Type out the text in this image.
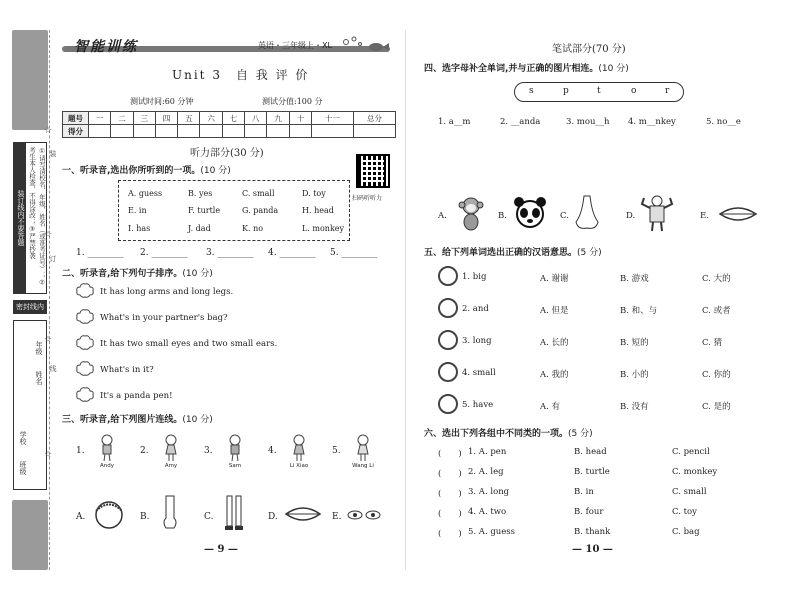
装订线内不要答题	①请写清校名、年级、姓名（或准考证号）；②考生本人检查，不得涂改；③严禁抄袭
密封线内
学校
班级
姓名
年级
☆
☆
☆
☆
装
订
线
智能训练	英语・三年级上・XL
Unit 3　自 我 评 价
测试时间:60 分钟	测试分值:100 分
题号	一	二	三	四	五	六	七	八	九	十	十一	总分
得分												
听力部分(30 分)
扫码听听力
一、听录音,选出你所听到的一项。(10 分)
A. guess	B. yes	C. small	D. toy
E. in	F. turtle	G. panda	H. head
I. has	J. dad	K. no	L. monkey
1. ________ 2. ________ 3. ________ 4. ________ 5. ________
二、听录音,给下列句子排序。(10 分)
It has long arms and long legs.
What's in your partner's bag?
It has two small eyes and two small ears.
What's in it?
It's a panda pen!
三、听录音,给下列图片连线。(10 分)
1.
Andy
2.
Amy
3.
Sam
4.
Li Xiao
5.
Wang Li
A.	B.	C.	D.	E.
— 9 —
笔试部分(70 分)
四、选字母补全单词,并与正确的图片相连。(10 分)
s	p	t	o	r
1. a__m	2. __anda	3. mou__h 4. m__nkey	5. no__e
A.	B.	C.	D.	E.
五、给下列单词选出正确的汉语意思。(5 分)
1. big	A. 谢谢	B. 游戏	C. 大的
2. and	A. 但是	B. 和、与	C. 或者
3. long	A. 长的	B. 短的	C. 猜
4. small	A. 我的	B. 小的	C. 你的
5. have	A. 有	B. 没有	C. 是的
六、选出下列各组中不同类的一项。(5 分)
(　　) 1. A. pen	B. head	C. pencil
(　　) 2. A. leg	B. turtle	C. monkey
(　　) 3. A. long	B. in	C. small
(　　) 4. A. two	B. four	C. toy
(　　) 5. A. guess	B. thank	C. bag
— 10 —
